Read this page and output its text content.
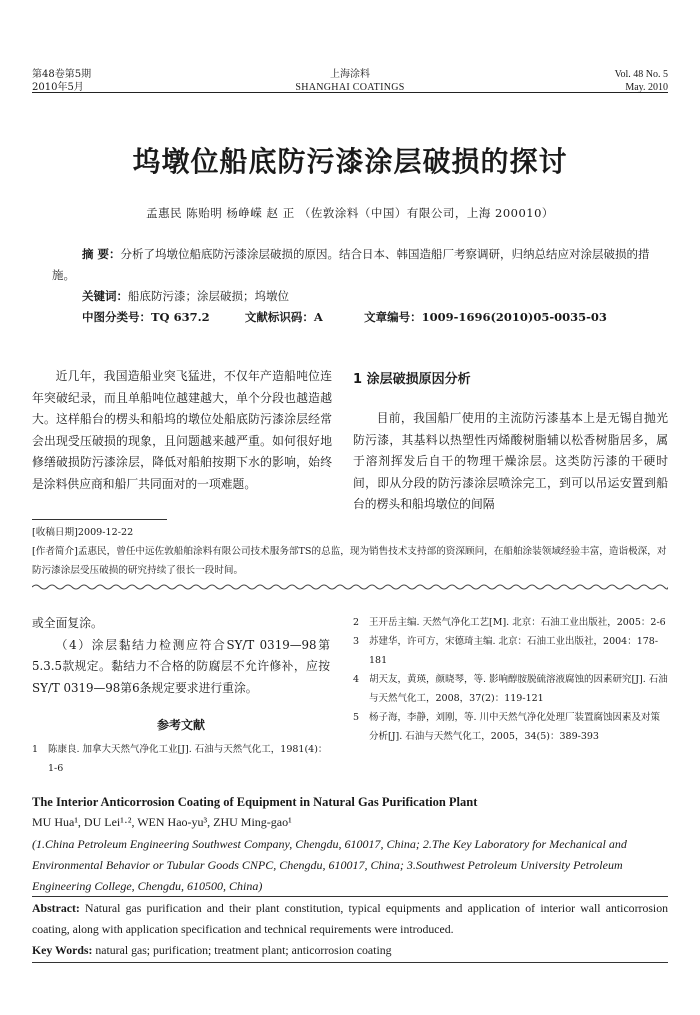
第48卷第5期
2010年5月
上海涂料
SHANGHAI COATINGS
Vol. 48 No. 5
May. 2010
坞墩位船底防污漆涂层破损的探讨
孟惠民 陈贻明 杨峥嵘 赵 正 （佐敦涂料（中国）有限公司，上海 200010）

摘 要：分析了坞墩位船底防污漆涂层破损的原因。结合日本、韩国造船厂考察调研，归纳总结应对涂层破损的措施。

关键词：船底防污漆；涂层破损；坞墩位

中图分类号：TQ 637.2	文献标识码：A	文章编号：1009-1696(2010)05-0035-03

近几年，我国造船业突飞猛进，不仅年产造船吨位连年突破纪录，而且单船吨位越建越大，单个分段也越造越大。这样船台的楞头和船坞的墩位处船底防污漆涂层经常会出现受压破损的现象，且问题越来越严重。如何很好地修缮破损防污漆涂层，降低对船舶按期下水的影响，始终是涂料供应商和船厂共同面对的一项难题。

1 涂层破损原因分析

目前，我国船厂使用的主流防污漆基本上是无锡自抛光防污漆，其基料以热塑性丙烯酸树脂辅以松香树脂居多，属于溶剂挥发后自干的物理干燥涂层。这类防污漆的干硬时间，即从分段的防污漆涂层喷涂完工，到可以吊运安置到船台的楞头和船坞墩位的间隔

[收稿日期]2009-12-22
[作者简介]孟惠民，曾任中远佐敦船舶涂料有限公司技术服务部TS的总监，现为销售技术支持部的资深顾问，在船舶涂装领域经验丰富，造诣极深，对防污漆涂层受压破损的研究持续了很长一段时间。
或全面复涂。

（4）涂层黏结力检测应符合SY/T 0319—98第5.3.5款规定。黏结力不合格的防腐层不允许修补，应按SY/T 0319—98第6条规定要求进行重涂。

参考文献
1	陈康良. 加拿大天然气净化工业[J]. 石油与天然气化工，1981(4)：1-6
2	王开岳主编. 天然气净化工艺[M]. 北京：石油工业出版社，2005：2-6
3	苏建华，许可方，宋德琦主编. 北京：石油工业出版社，2004：178-181
4	胡天友，黄瑛，颜晓琴，等. 影响醇胺脱硫溶液腐蚀的因素研究[J]. 石油与天然气化工，2008，37(2)：119-121
5	杨子海，李静，刘刚，等. 川中天然气净化处理厂装置腐蚀因素及对策分析[J]. 石油与天然气化工，2005，34(5)：389-393
The Interior Anticorrosion Coating of Equipment in Natural Gas Purification Plant
MU Hua¹, DU Lei¹·², WEN Hao-yu³, ZHU Ming-gao¹
(1.China Petroleum Engineering Southwest Company, Chengdu, 610017, China; 2.The Key Laboratory for Mechanical and Environmental Behavior or Tubular Goods CNPC, Chengdu, 610017, China; 3.Southwest Petroleum University Petroleum Engineering College, Chengdu, 610500, China)
Abstract: Natural gas purification and their plant constitution, typical equipments and application of interior wall anticorrosion coating, along with application specification and technical requirements were introduced.
Key Words: natural gas; purification; treatment plant; anticorrosion coating
